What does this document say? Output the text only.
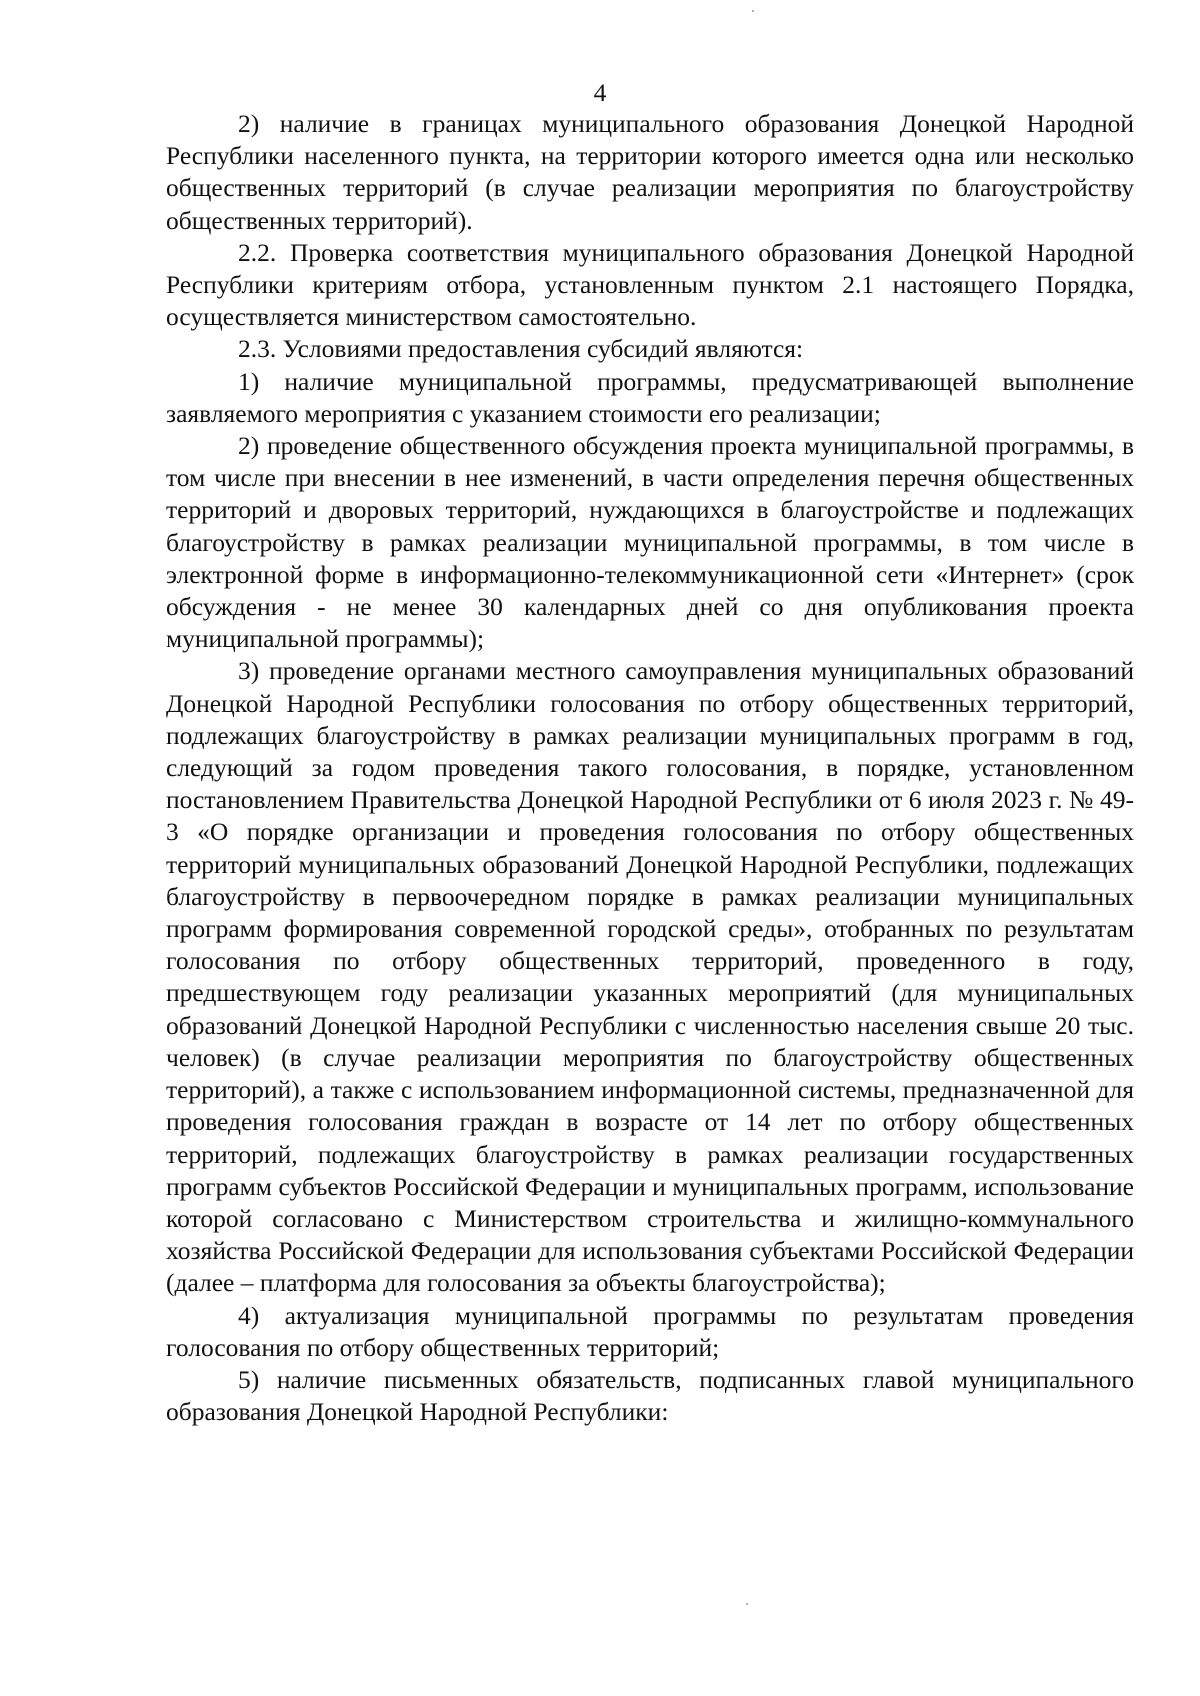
4

2) наличие в границах муниципального образования Донецкой Народной Республики населенного пункта, на территории которого имеется одна или несколько общественных территорий (в случае реализации мероприятия по благоустройству общественных территорий).

2.2. Проверка соответствия муниципального образования Донецкой Народной Республики критериям отбора, установленным пунктом 2.1 настоящего Порядка, осуществляется министерством самостоятельно.

2.3. Условиями предоставления субсидий являются:

1) наличие муниципальной программы, предусматривающей выполнение заявляемого мероприятия с указанием стоимости его реализации;

2) проведение общественного обсуждения проекта муниципальной программы, в том числе при внесении в нее изменений, в части определения перечня общественных территорий и дворовых территорий, нуждающихся в благоустройстве и подлежащих благоустройству в рамках реализации муниципальной программы, в том числе в электронной форме в информационно-телекоммуникационной сети «Интернет» (срок обсуждения - не менее 30 календарных дней со дня опубликования проекта муниципальной программы);

3) проведение органами местного самоуправления муниципальных образований Донецкой Народной Республики голосования по отбору общественных территорий, подлежащих благоустройству в рамках реализации муниципальных программ в год, следующий за годом проведения такого голосования, в порядке, установленном постановлением Правительства Донецкой Народной Республики от 6 июля 2023 г. № 49-3 «О порядке организации и проведения голосования по отбору общественных территорий муниципальных образований Донецкой Народной Республики, подлежащих благоустройству в первоочередном порядке в рамках реализации муниципальных программ формирования современной городской среды», отобранных по результатам голосования по отбору общественных территорий, проведенного в году, предшествующем году реализации указанных мероприятий (для муниципальных образований Донецкой Народной Республики с численностью населения свыше 20 тыс. человек) (в случае реализации мероприятия по благоустройству общественных территорий), а также с использованием информационной системы, предназначенной для проведения голосования граждан в возрасте от 14 лет по отбору общественных территорий, подлежащих благоустройству в рамках реализации государственных программ субъектов Российской Федерации и муниципальных программ, использование которой согласовано с Министерством строительства и жилищно-коммунального хозяйства Российской Федерации для использования субъектами Российской Федерации (далее – платформа для голосования за объекты благоустройства);

4) актуализация муниципальной программы по результатам проведения голосования по отбору общественных территорий;

5) наличие письменных обязательств, подписанных главой муниципального образования Донецкой Народной Республики:
